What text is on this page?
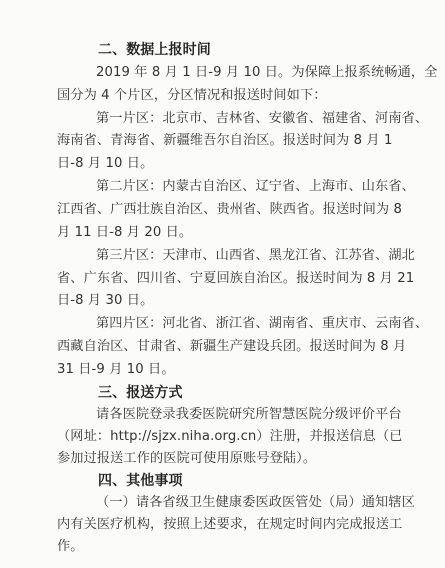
二、数据上报时间
2019 年 8 月 1 日-9 月 10 日。为保障上报系统畅通，全
国分为 4 个片区，分区情况和报送时间如下：
第一片区：北京市、吉林省、安徽省、福建省、河南省、
海南省、青海省、新疆维吾尔自治区。报送时间为 8 月 1
日-8 月 10 日。
第二片区：内蒙古自治区、辽宁省、上海市、山东省、
江西省、广西壮族自治区、贵州省、陕西省。报送时间为 8
月 11 日-8 月 20 日。
第三片区：天津市、山西省、黑龙江省、江苏省、湖北
省、广东省、四川省、宁夏回族自治区。报送时间为 8 月 21
日-8 月 30 日。
第四片区：河北省、浙江省、湖南省、重庆市、云南省、
西藏自治区、甘肃省、新疆生产建设兵团。报送时间为 8 月
31 日-9 月 10 日。
三、报送方式
请各医院登录我委医院研究所智慧医院分级评价平台
（网址：http://sjzx.niha.org.cn）注册，并报送信息（已
参加过报送工作的医院可使用原账号登陆）。
四、其他事项
（一）请各省级卫生健康委医政医管处（局）通知辖区
内有关医疗机构，按照上述要求，在规定时间内完成报送工
作。
